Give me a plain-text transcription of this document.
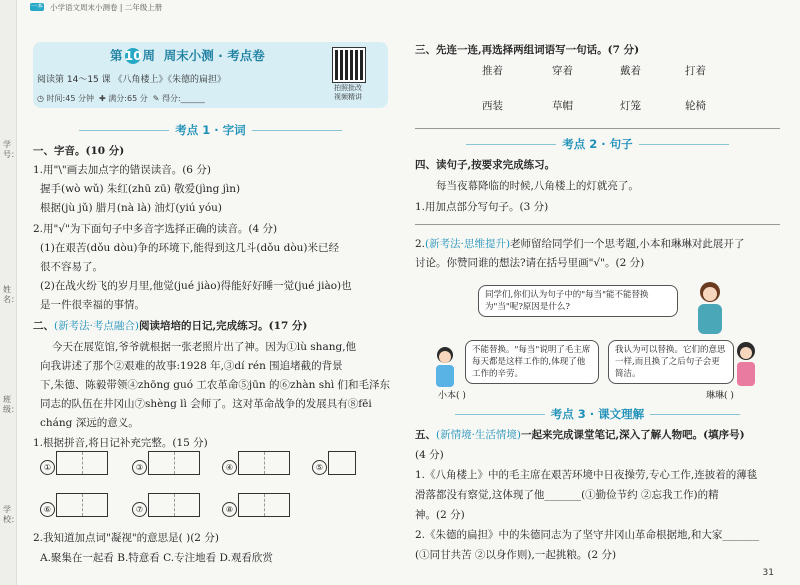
一本 小学语文周末小测卷 | 二年级上册
学号：
姓名：
班级：
学校：
第 10周 周末小测 · 考点卷
阅读第 14～15 课 《八角楼上》《朱德的扁担》
◷ 时间:45 分钟  ✚ 满分:65 分  ✎ 得分:______
拍照批改 视频精讲
考点 1 · 字词
一、字音。(10 分)
1.用"\"画去加点字的错误读音。(6 分)
握手(wò wǔ) 朱红(zhū zū) 敬爱(jìng jìn)
根据(jù jǔ) 腊月(nà là) 油灯(yiú yóu)
2.用"√"为下面句子中多音字选择正确的读音。(4 分)
(1)在艰苦(dǒu dòu)争的环境下,能得到这几斗(dǒu dòu)米已经
很不容易了。
(2)在战火纷飞的岁月里,他觉(jué jiào)得能好好睡一觉(jué jiào)也
是一件很幸福的事情。
二、(新考法·考点融合)阅读培培的日记,完成练习。(17 分)
今天在展览馆,爷爷就根据一张老照片出了神。因为①lù shang,他
向我讲述了那个②艰难的故事:1928 年,③dí rén 围追堵截的背景
下,朱德、陈毅带领④zhōng guó 工农革命⑤jūn 的⑥zhàn shì 们和毛泽东
同志的队伍在井冈山⑦shèng lì 会师了。这对革命战争的发展具有⑧fēi
cháng 深远的意义。
1.根据拼音,将日记补充完整。(15 分)
①	③	④	⑤
⑥	⑦	⑧
2.我知道加点词"凝视"的意思是( )(2 分)
A.聚集在一起看 B.特意看 C.专注地看 D.观看欣赏
三、先连一连,再选择两组词语写一句话。(7 分)
推着	穿着	戴着	打着
西装	草帽	灯笼	轮椅
考点 2 · 句子
四、读句子,按要求完成练习。
每当夜幕降临的时候,八角楼上的灯就亮了。
1.用加点部分写句子。(3 分)
2.(新考法·思维提升)老师留给同学们一个思考题,小本和琳琳对此展开了
讨论。你赞同谁的想法?请在括号里画"√"。(2 分)
同学们,你们认为句子中的"每当"能不能替换为"当"呢?原因是什么?
不能替换。"每当"说明了毛主席每天都是这样工作的,体现了他工作的辛劳。
我认为可以替换。它们的意思一样,而且换了之后句子会更简洁。
小本( )	琳琳( )
考点 3 · 课文理解
五、(新情境·生活情境)一起来完成课堂笔记,深入了解人物吧。(填序号)
(4 分)
1.《八角楼上》中的毛主席在艰苦环境中日夜操劳,专心工作,连披着的薄毯
滑落都没有察觉,这体现了他_______(①勤俭节约 ②忘我工作)的精
神。(2 分)
2.《朱德的扁担》中的朱德同志为了坚守井冈山革命根据地,和大家_______
(①同甘共苦 ②以身作则),一起挑粮。(2 分)
31
